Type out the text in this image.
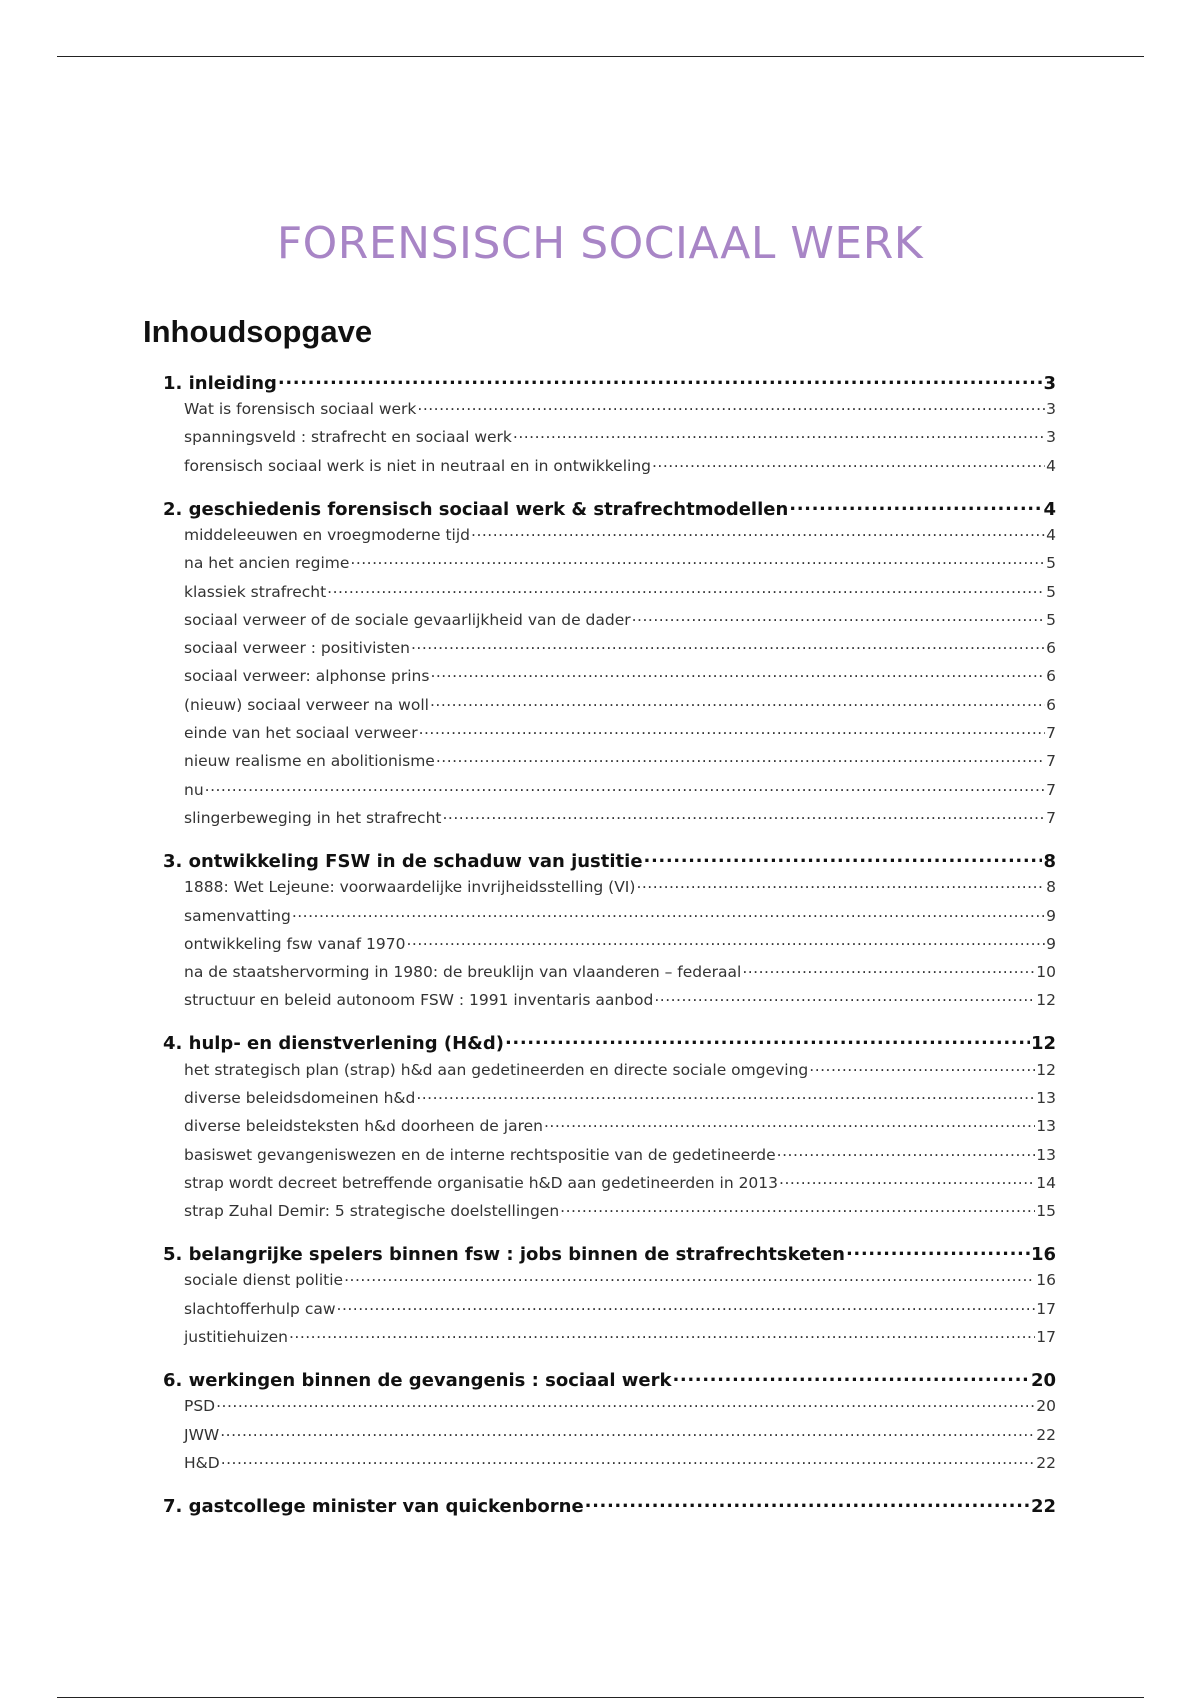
FORENSISCH SOCIAAL WERK
Inhoudsopgave
1. inleiding .....	3
Wat is forensisch sociaal werk .....	3
spanningsveld : strafrecht en sociaal werk .....	3
forensisch sociaal werk is niet in neutraal en in ontwikkeling .....	4
2. geschiedenis forensisch sociaal werk & strafrechtmodellen .....	4
middeleeuwen en vroegmoderne tijd .....	4
na het ancien regime .....	5
klassiek strafrecht .....	5
sociaal verweer of de sociale gevaarlijkheid van de dader .....	5
sociaal verweer : positivisten .....	6
sociaal verweer: alphonse prins .....	6
(nieuw) sociaal verweer na woll .....	6
einde van het sociaal verweer .....	7
nieuw realisme en abolitionisme .....	7
nu .....	7
slingerbeweging in het strafrecht .....	7
3. ontwikkeling FSW in de schaduw van justitie .....	8
1888: Wet Lejeune: voorwaardelijke invrijheidsstelling (VI) .....	8
samenvatting .....	9
ontwikkeling fsw vanaf 1970 .....	9
na de staatshervorming in 1980: de breuklijn van vlaanderen – federaal .....	10
structuur en beleid autonoom FSW : 1991 inventaris aanbod .....	12
4. hulp- en dienstverlening (H&d) .....	12
het strategisch plan (strap) h&d aan gedetineerden en directe sociale omgeving .....	12
diverse beleidsdomeinen h&d .....	13
diverse beleidsteksten h&d doorheen de jaren .....	13
basiswet gevangeniswezen en de interne rechtspositie van de gedetineerde .....	13
strap wordt decreet betreffende organisatie h&D aan gedetineerden in 2013 .....	14
strap Zuhal Demir: 5 strategische doelstellingen .....	15
5. belangrijke spelers binnen fsw : jobs binnen de strafrechtsketen .....	16
sociale dienst politie .....	16
slachtofferhulp caw .....	17
justitiehuizen .....	17
6. werkingen binnen de gevangenis : sociaal werk .....	20
PSD .....	20
JWW .....	22
H&D .....	22
7. gastcollege minister van quickenborne .....	22
